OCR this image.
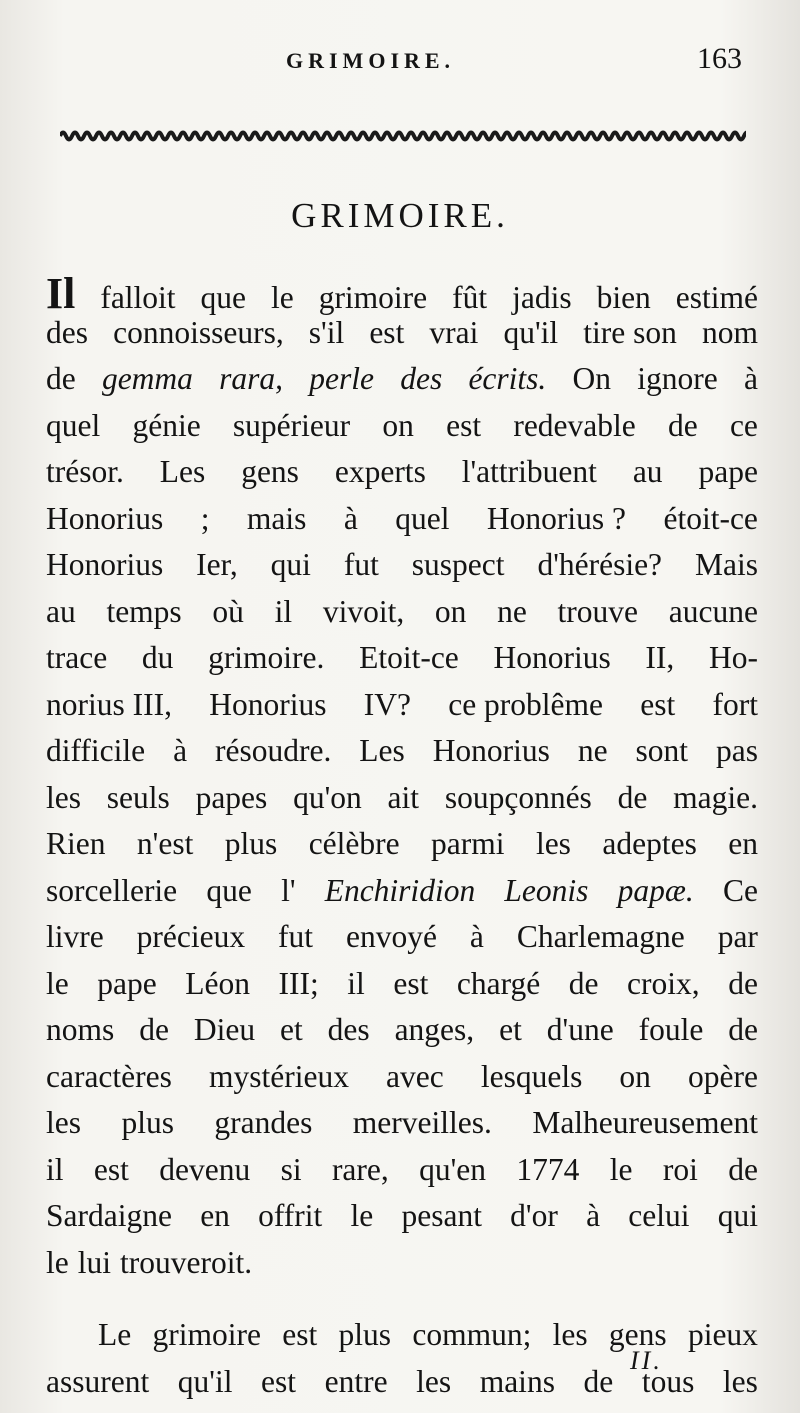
GRIMOIRE.	163
GRIMOIRE.
Il falloit que le grimoire fût jadis bien estimé
des connoisseurs, s'il est vrai qu'il tire son nom
de gemma rara, perle des écrits. On ignore à
quel génie supérieur on est redevable de ce
trésor. Les gens experts l'attribuent au pape
Honorius ; mais à quel Honorius ? étoit-ce
Honorius Ier, qui fut suspect d'hérésie? Mais
au temps où il vivoit, on ne trouve aucune
trace du grimoire. Etoit-ce Honorius II, Ho-
norius III, Honorius IV? ce problême est fort
difficile à résoudre. Les Honorius ne sont pas
les seuls papes qu'on ait soupçonnés de magie.
Rien n'est plus célèbre parmi les adeptes en
sorcellerie que l' Enchiridion Leonis papæ. Ce
livre précieux fut envoyé à Charlemagne par
le pape Léon III; il est chargé de croix, de
noms de Dieu et des anges, et d'une foule de
caractères mystérieux avec lesquels on opère
les plus grandes merveilles. Malheureusement
il est devenu si rare, qu'en 1774 le roi de
Sardaigne en offrit le pesant d'or à celui qui
le lui trouveroit.
Le grimoire est plus commun; les gens pieux
assurent qu'il est entre les mains de tous les
II.
